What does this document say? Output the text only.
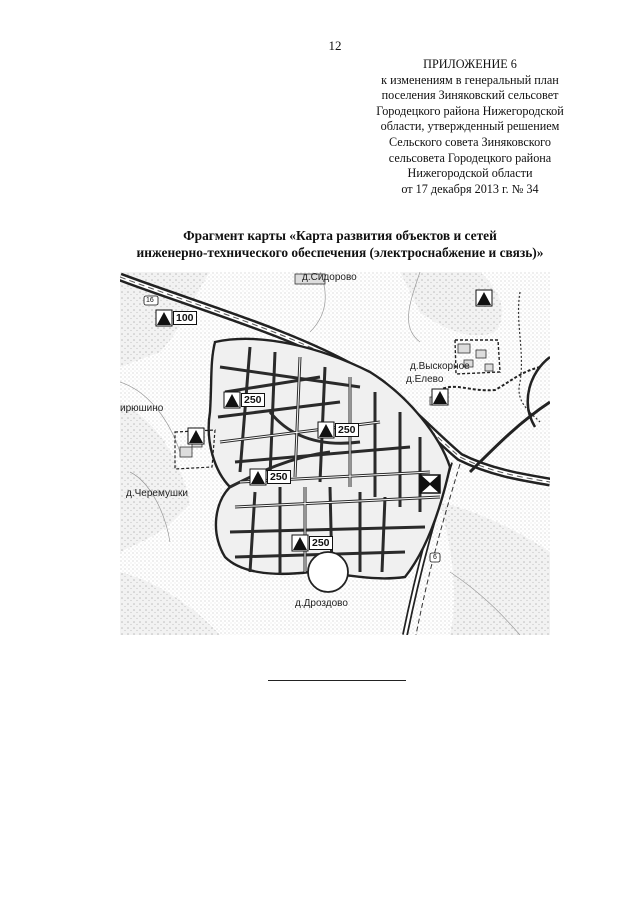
12
ПРИЛОЖЕНИЕ 6
к изменениям в генеральный план
поселения Зиняковский сельсовет
Городецкого района Нижегородской
области, утвержденный решением
Сельского совета Зиняковского
сельсовета Городецкого района
Нижегородской области
от 17 декабря 2013 г. № 34
Фрагмент карты «Карта развития объектов и сетей
инженерно-технического обеспечения (электроснабжение и связь)»
д.Сидорово
д.Выскорное
д.Елево
ирюшино
д.Черемушки
д.Дроздово
100
250
250
250
250
16
6
